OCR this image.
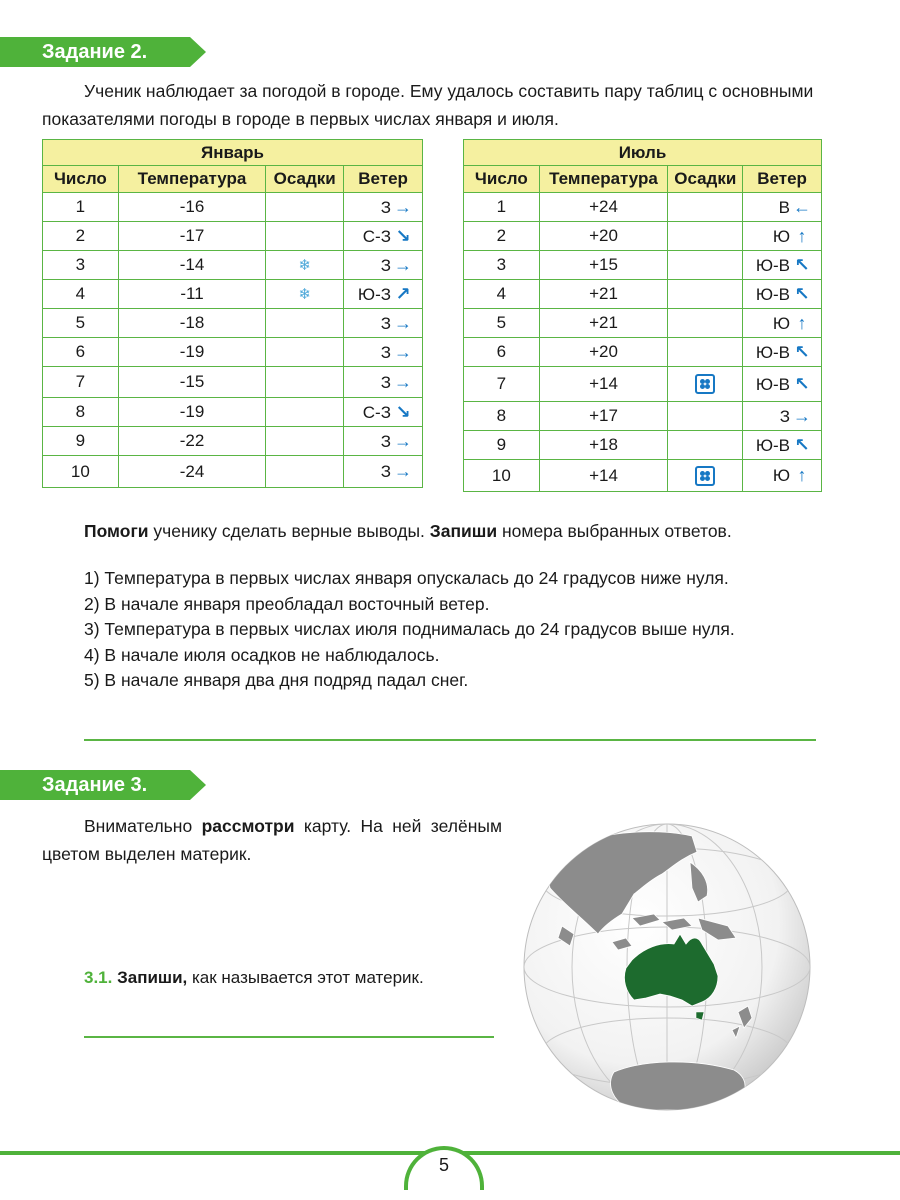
Задание 2.
Ученик наблюдает за погодой в городе. Ему удалось составить пару таблиц с основными показателями погоды в городе в первых числах января и июля.
Январь			
Число	Температура	Осадки	Ветер
1	-16		З →
2	-17		С-З ↘
3	-14	❄	З →
4	-11	❄	Ю-З ↗
5	-18		З →
6	-19		З →
7	-15		З →
8	-19		С-З ↘
9	-22		З →
10	-24		З →
Июль			
Число	Температура	Осадки	Ветер
1	+24		В ←
2	+20		Ю ↑
3	+15		Ю-В ↖
4	+21		Ю-В ↖
5	+21		Ю ↑
6	+20		Ю-В ↖
7	+14		Ю-В ↖
8	+17		З →
9	+18		Ю-В ↖
10	+14		Ю ↑
Помоги ученику сделать верные выводы. Запиши номера выбранных ответов.
1) Температура в первых числах января опускалась до 24 градусов ниже нуля.
2) В начале января преобладал восточный ветер.
3) Температура в первых числах июля поднималась до 24 градусов выше нуля.
4) В начале июля осадков не наблюдалось.
5) В начале января два дня подряд падал снег.
Задание 3.
Внимательно рассмотри карту. На ней зелёным цветом выделен материк.
3.1. Запиши, как называется этот материк.
5
